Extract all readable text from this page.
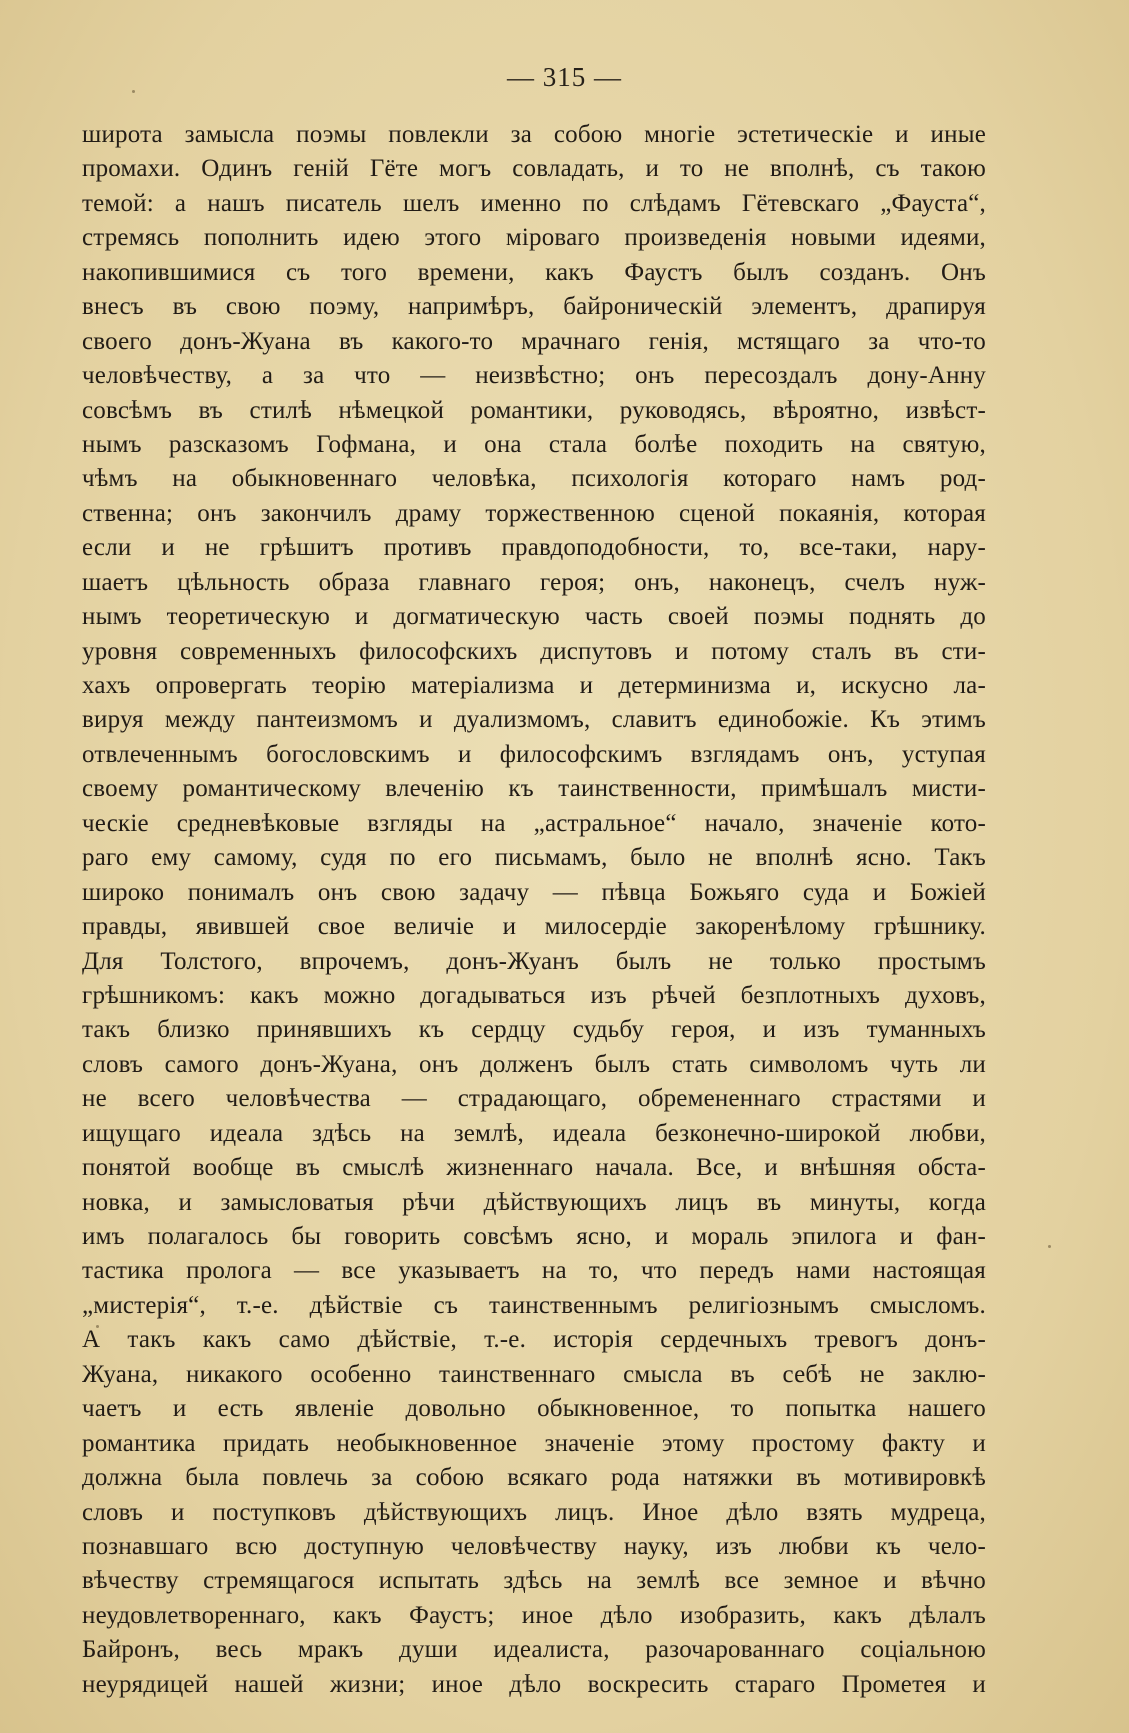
— 315 —
широта замысла поэмы повлекли за собою многіе эстетическіе и иные
промахи. Одинъ геній Гёте могъ совладать, и то не вполнѣ, съ такою
темой: а нашъ писатель шелъ именно по слѣдамъ Гётевскаго „Фауста“,
стремясь пополнить идею этого міроваго произведенія новыми идеями,
накопившимися съ того времени, какъ Фаустъ былъ созданъ. Онъ
внесъ въ свою поэму, напримѣръ, байроническій элементъ, драпируя
своего донъ-Жуана въ какого-то мрачнаго генія, мстящаго за что-то
человѣчеству, а за что — неизвѣстно; онъ пересоздалъ дону-Анну
совсѣмъ въ стилѣ нѣмецкой романтики, руководясь, вѣроятно, извѣст-
нымъ разсказомъ Гофмана, и она стала болѣе походить на святую,
чѣмъ на обыкновеннаго человѣка, психологія котораго намъ род-
ственна; онъ закончилъ драму торжественною сценой покаянія, которая
если и не грѣшитъ противъ правдоподобности, то, все-таки, нару-
шаетъ цѣльность образа главнаго героя; онъ, наконецъ, счелъ нуж-
нымъ теоретическую и догматическую часть своей поэмы поднять до
уровня современныхъ философскихъ диспутовъ и потому сталъ въ сти-
хахъ опровергать теорію матеріализма и детерминизма и, искусно ла-
вируя между пантеизмомъ и дуализмомъ, славитъ единобожіе. Къ этимъ
отвлеченнымъ богословскимъ и философскимъ взглядамъ онъ, уступая
своему романтическому влеченію къ таинственности, примѣшалъ мисти-
ческіе средневѣковые взгляды на „астральное“ начало, значеніе кото-
раго ему самому, судя по его письмамъ, было не вполнѣ ясно. Такъ
широко понималъ онъ свою задачу — пѣвца Божьяго суда и Божіей
правды, явившей свое величіе и милосердіе закоренѣлому грѣшнику.
Для Толстого, впрочемъ, донъ-Жуанъ былъ не только простымъ
грѣшникомъ: какъ можно догадываться изъ рѣчей безплотныхъ духовъ,
такъ близко принявшихъ къ сердцу судьбу героя, и изъ туманныхъ
словъ самого донъ-Жуана, онъ долженъ былъ стать символомъ чуть ли
не всего человѣчества — страдающаго, обремененнаго страстями и
ищущаго идеала здѣсь на землѣ, идеала безконечно-широкой любви,
понятой вообще въ смыслѣ жизненнаго начала. Все, и внѣшняя обста-
новка, и замысловатыя рѣчи дѣйствующихъ лицъ въ минуты, когда
имъ полагалось бы говорить совсѣмъ ясно, и мораль эпилога и фан-
тастика пролога — все указываетъ на то, что передъ нами настоящая
„мистерія“, т.-е. дѣйствіе съ таинственнымъ религіознымъ смысломъ.
А такъ какъ само дѣйствіе, т.-е. исторія сердечныхъ тревогъ донъ-
Жуана, никакого особенно таинственнаго смысла въ себѣ не заклю-
чаетъ и есть явленіе довольно обыкновенное, то попытка нашего
романтика придать необыкновенное значеніе этому простому факту и
должна была повлечь за собою всякаго рода натяжки въ мотивировкѣ
словъ и поступковъ дѣйствующихъ лицъ. Иное дѣло взять мудреца,
познавшаго всю доступную человѣчеству науку, изъ любви къ чело-
вѣчеству стремящагося испытать здѣсь на землѣ все земное и вѣчно
неудовлетвореннаго, какъ Фаустъ; иное дѣло изобразить, какъ дѣлалъ
Байронъ, весь мракъ души идеалиста, разочарованнаго соціальною
неурядицей нашей жизни; иное дѣло воскресить стараго Прометея и
